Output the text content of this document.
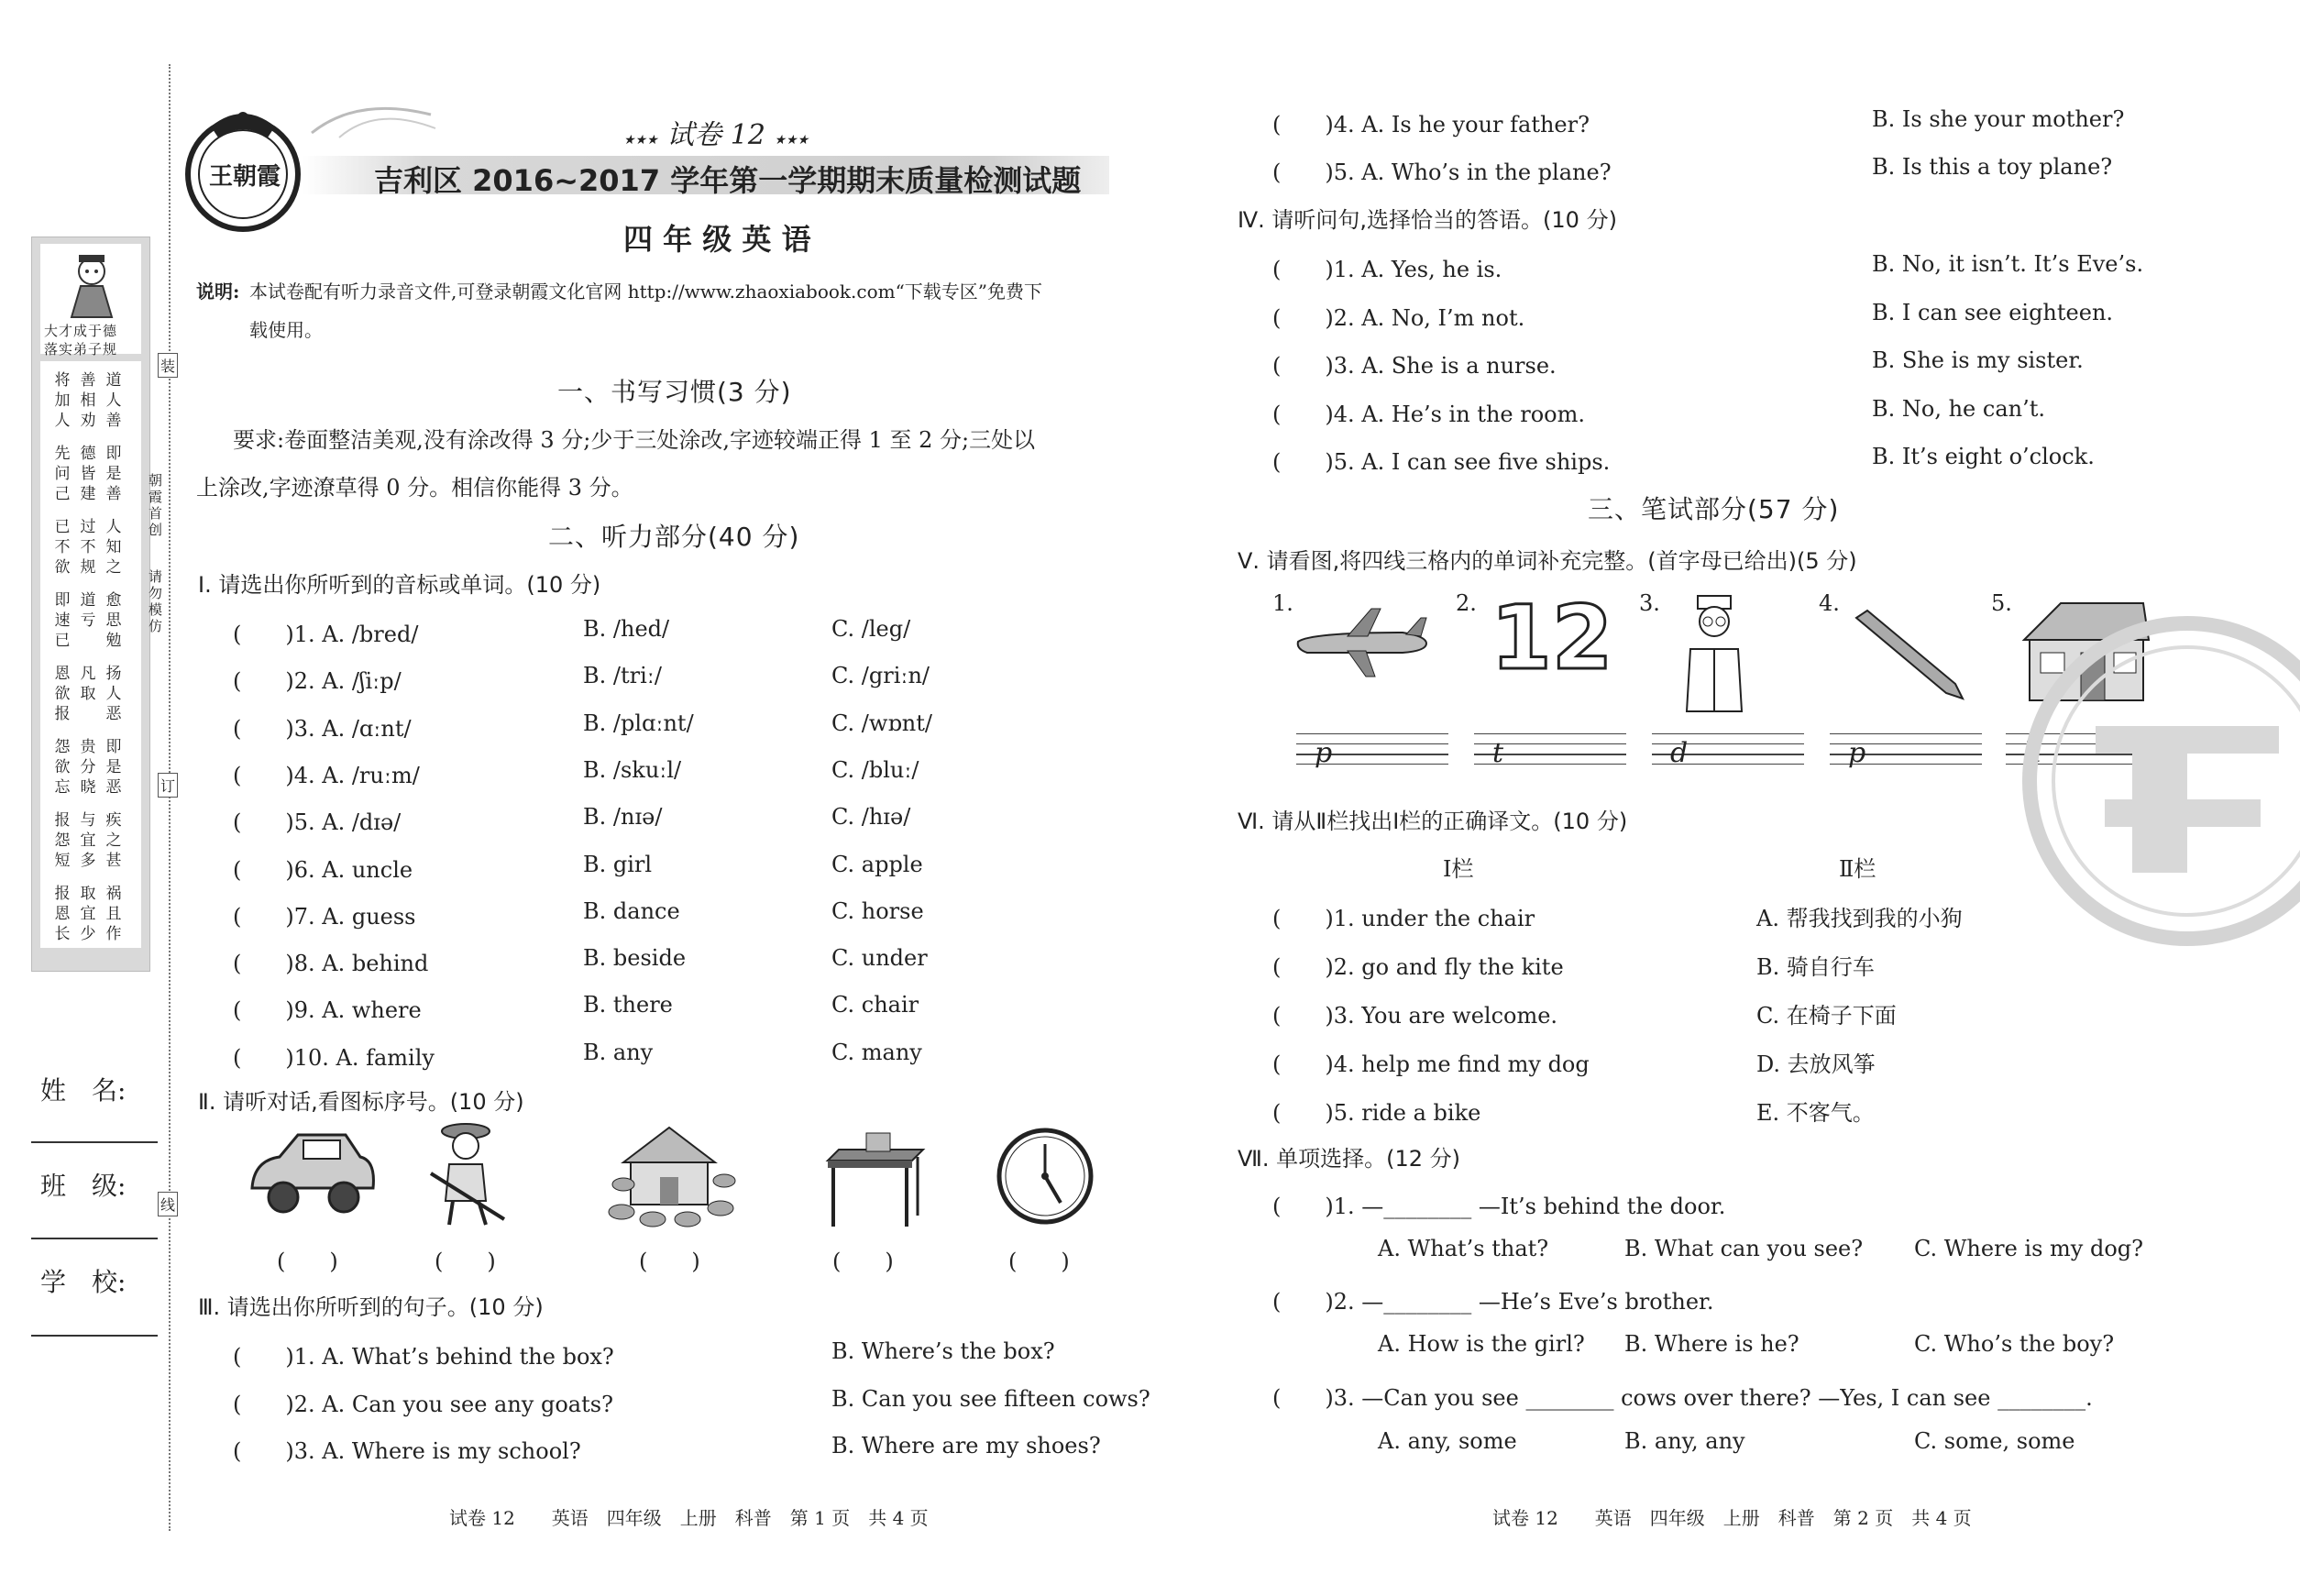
大才成于德
落实弟子规
将加人
善相劝
道人善
先问己
德皆建
即是善
已不欲
过不规
人知之
即速已
道亏
愈思勉
恩欲报
凡取
扬人恶
怨欲忘
贵分晓
即是恶
报怨短
与宜多
疾之甚
报恩长
取宜少
祸且作
朝霞首创
请勿模仿
装
订
线
姓　名:
班　级:
学　校:
王朝霞
★★★ 试卷 12 ★★★
吉利区 2016~2017 学年第一学期期末质量检测试题
四 年 级 英 语
说明: 本试卷配有听力录音文件,可登录朝霞文化官网 http://www.zhaoxiabook.com“下载专区”免费下
载使用。
一、书写习惯(3 分)
要求:卷面整洁美观,没有涂改得 3 分;少于三处涂改,字迹较端正得 1 至 2 分;三处以
上涂改,字迹潦草得 0 分。相信你能得 3 分。
二、听力部分(40 分)
Ⅰ. 请选出你所听到的音标或单词。(10 分)
(　　)1. A. /bred/	B. /hed/	C. /leg/
(　　)2. A. /ʃiːp/	B. /triː/	C. /griːn/
(　　)3. A. /ɑːnt/	B. /plɑːnt/	C. /wɒnt/
(　　)4. A. /ruːm/	B. /skuːl/	C. /bluː/
(　　)5. A. /dɪə/	B. /nɪə/	C. /hɪə/
(　　)6. A. uncle	B. girl	C. apple
(　　)7. A. guess	B. dance	C. horse
(　　)8. A. behind	B. beside	C. under
(　　)9. A. where	B. there	C. chair
(　　)10. A. family	B. any	C. many
Ⅱ. 请听对话,看图标序号。(10 分)
(　　)	(　　)	(　　)	(　　)	(　　)
Ⅲ. 请选出你所听到的句子。(10 分)
(　　)1. A. What’s behind the box?	B. Where’s the box?
(　　)2. A. Can you see any goats?	B. Can you see fifteen cows?
(　　)3. A. Where is my school?	B. Where are my shoes?
试卷 12　　英语　四年级　上册　科普　第 1 页　共 4 页
(　　)4. A. Is he your father?	B. Is she your mother?
(　　)5. A. Who’s in the plane?	B. Is this a toy plane?
Ⅳ. 请听问句,选择恰当的答语。(10 分)
(　　)1. A. Yes, he is.	B. No, it isn’t. It’s Eve’s.
(　　)2. A. No, I’m not.	B. I can see eighteen.
(　　)3. A. She is a nurse.	B. She is my sister.
(　　)4. A. He’s in the room.	B. No, he can’t.
(　　)5. A. I can see five ships.	B. It’s eight o’clock.
三、笔试部分(57 分)
Ⅴ. 请看图,将四线三格内的单词补充完整。(首字母已给出)(5 分)
1.	2.	3.	4.	5.
12
p	t	d	p	h
Ⅵ. 请从Ⅱ栏找出Ⅰ栏的正确译文。(10 分)
Ⅰ栏	Ⅱ栏
(　　)1. under the chair	A. 帮我找到我的小狗
(　　)2. go and fly the kite	B. 骑自行车
(　　)3. You are welcome.	C. 在椅子下面
(　　)4. help me find my dog	D. 去放风筝
(　　)5. ride a bike	E. 不客气。
Ⅶ. 单项选择。(12 分)
(　　)1. —________ —It’s behind the door.
A. What’s that?	B. What can you see? C. Where is my dog?
(　　)2. —________ —He’s Eve’s brother.
A. How is the girl? B. Where is he?	C. Who’s the boy?
(　　)3. —Can you see ________ cows over there? —Yes, I can see ________.
A. any, some	B. any, any	C. some, some
试卷 12　　英语　四年级　上册　科普　第 2 页　共 4 页
